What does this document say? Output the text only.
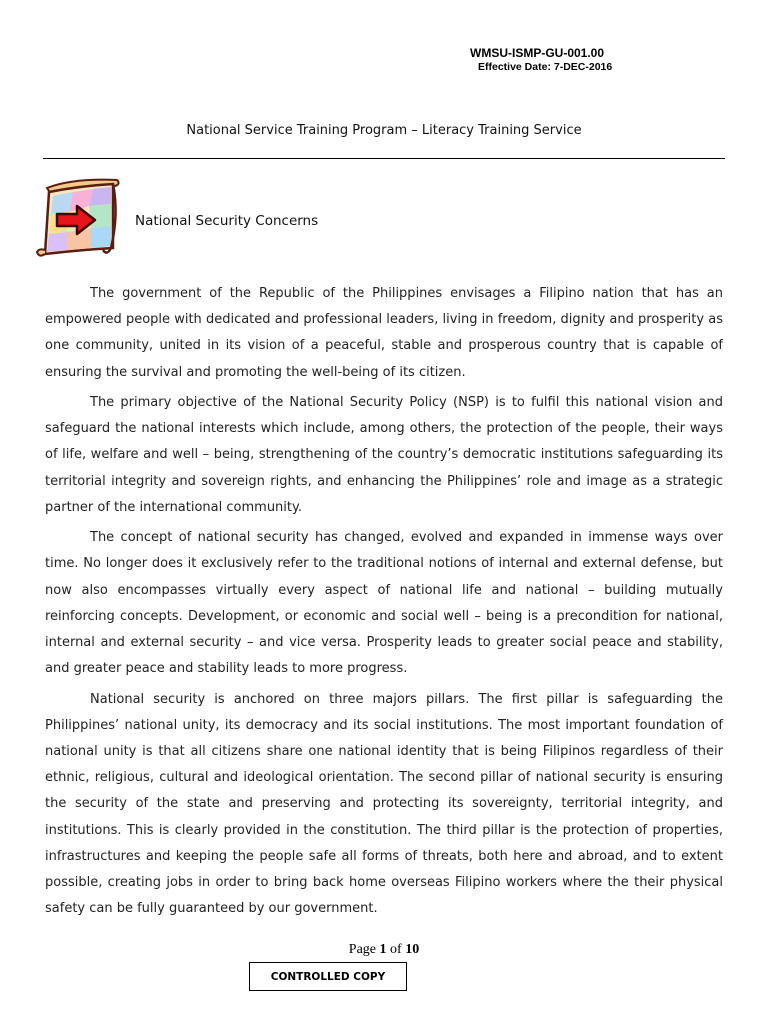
WMSU-ISMP-GU-001.00
Effective Date: 7-DEC-2016
National Service Training Program – Literacy Training Service
National Security Concerns

The government of the Republic of the Philippines envisages a Filipino nation that has an empowered people with dedicated and professional leaders, living in freedom, dignity and prosperity as one community, united in its vision of a peaceful, stable and prosperous country that is capable of ensuring the survival and promoting the well-being of its citizen.

The primary objective of the National Security Policy (NSP) is to fulfil this national vision and safeguard the national interests which include, among others, the protection of the people, their ways of life, welfare and well – being, strengthening of the country’s democratic institutions safeguarding its territorial integrity and sovereign rights, and enhancing the Philippines’ role and image as a strategic partner of the international community.

The concept of national security has changed, evolved and expanded in immense ways over time. No longer does it exclusively refer to the traditional notions of internal and external defense, but now also encompasses virtually every aspect of national life and national – building mutually reinforcing concepts. Development, or economic and social well – being is a precondition for national, internal and external security – and vice versa. Prosperity leads to greater social peace and stability, and greater peace and stability leads to more progress.

National security is anchored on three majors pillars. The first pillar is safeguarding the Philippines’ national unity, its democracy and its social institutions. The most important foundation of national unity is that all citizens share one national identity that is being Filipinos regardless of their ethnic, religious, cultural and ideological orientation. The second pillar of national security is ensuring the security of the state and preserving and protecting its sovereignty, territorial integrity, and institutions. This is clearly provided in the constitution. The third pillar is the protection of properties, infrastructures and keeping the people safe all forms of threats, both here and abroad, and to extent possible, creating jobs in order to bring back home overseas Filipino workers where the their physical safety can be fully guaranteed by our government.

Page 1 of 10
CONTROLLED COPY
